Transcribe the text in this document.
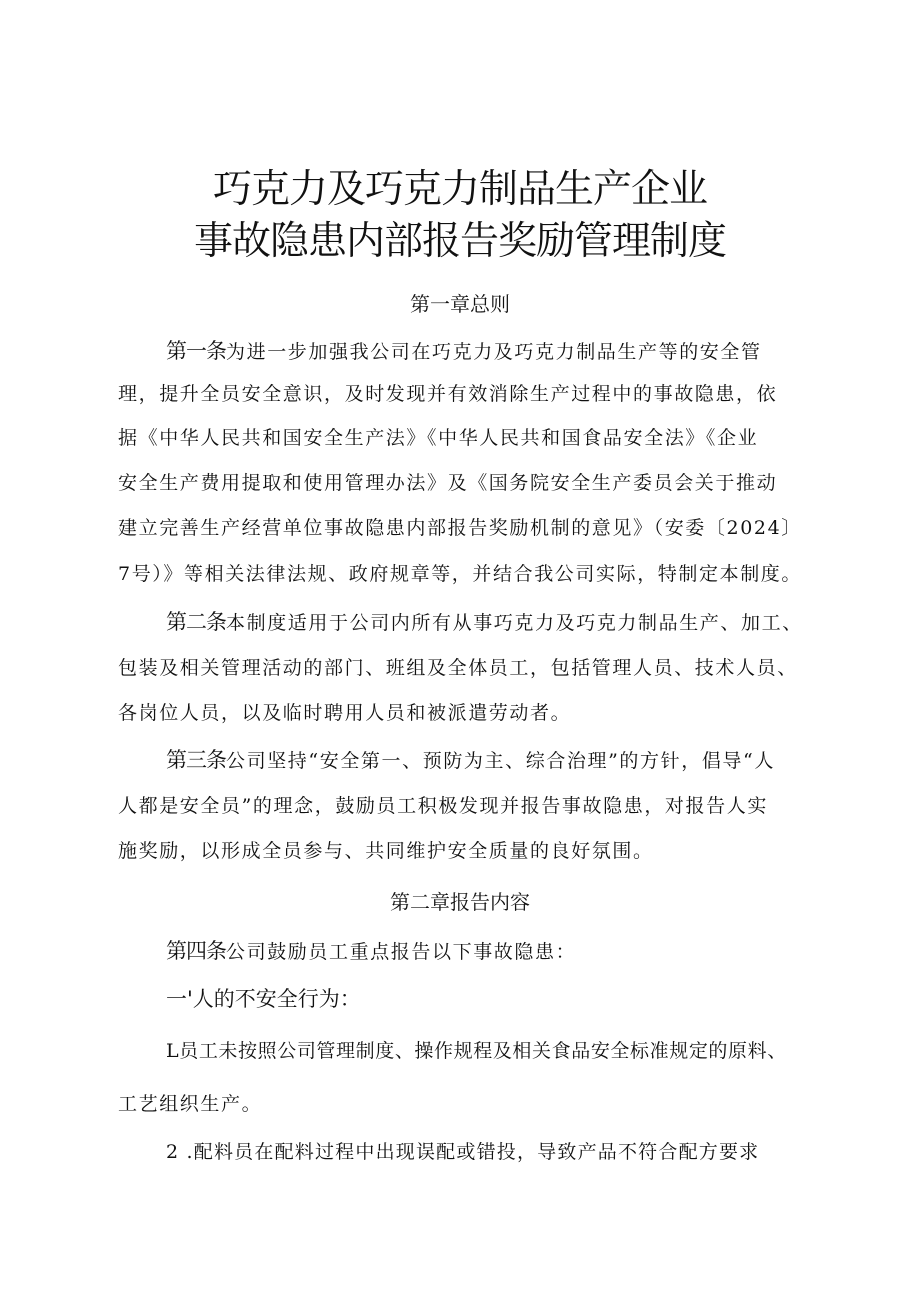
巧克力及巧克力制品生产企业
事故隐患内部报告奖励管理制度
第一章总则
第一条为进一步加强我公司在巧克力及巧克力制品生产等的安全管
理，提升全员安全意识，及时发现并有效消除生产过程中的事故隐患，依
据《中华人民共和国安全生产法》《中华人民共和国食品安全法》《企业
安全生产费用提取和使用管理办法》及《国务院安全生产委员会关于推动
建立完善生产经营单位事故隐患内部报告奖励机制的意见》（安委〔2024〕
7号）》等相关法律法规、政府规章等，并结合我公司实际，特制定本制度。
第二条本制度适用于公司内所有从事巧克力及巧克力制品生产、加工、
包装及相关管理活动的部门、班组及全体员工，包括管理人员、技术人员、
各岗位人员，以及临时聘用人员和被派遣劳动者。
第三条公司坚持“安全第一、预防为主、综合治理”的方针，倡导“人
人都是安全员”的理念，鼓励员工积极发现并报告事故隐患，对报告人实
施奖励，以形成全员参与、共同维护安全质量的良好氛围。
第二章报告内容
第四条公司鼓励员工重点报告以下事故隐患：
一'人的不安全行为：
L员工未按照公司管理制度、操作规程及相关食品安全标准规定的原料、
工艺组织生产。
2 .配料员在配料过程中出现误配或错投，导致产品不符合配方要求
